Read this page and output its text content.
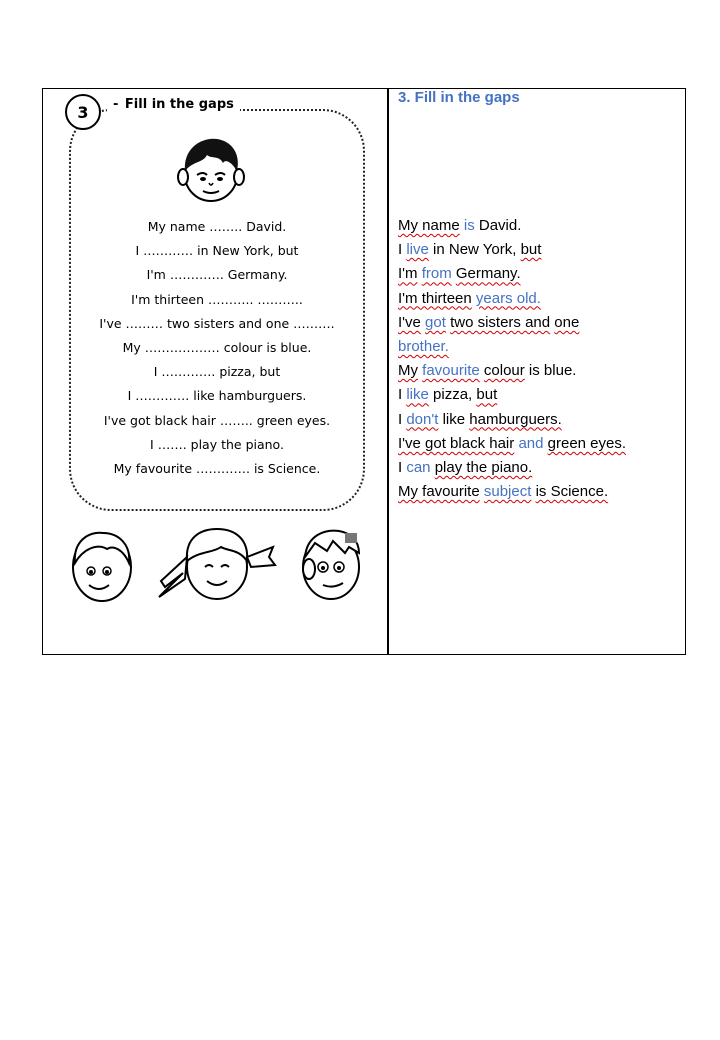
3	- Fill in the gaps
My name …….. David.
I ………… in New York, but
I'm …………. Germany.
I'm thirteen ……….. ………..
I've ……… two sisters and one ……….
My ……………… colour is blue.
I …………. pizza, but
I …………. like hamburguers.
I've got black hair …….. green eyes.
I ……. play the piano.
My favourite …………. is Science.
3. Fill in the gaps
My name is David.
I live in New York, but
I'm from Germany.
I'm thirteen years old.
I've got two sisters and one
brother.
My favourite colour is blue.
I like pizza, but
I don't like hamburguers.
I've got black hair and green eyes.
I can play the piano.
My favourite subject is Science.
